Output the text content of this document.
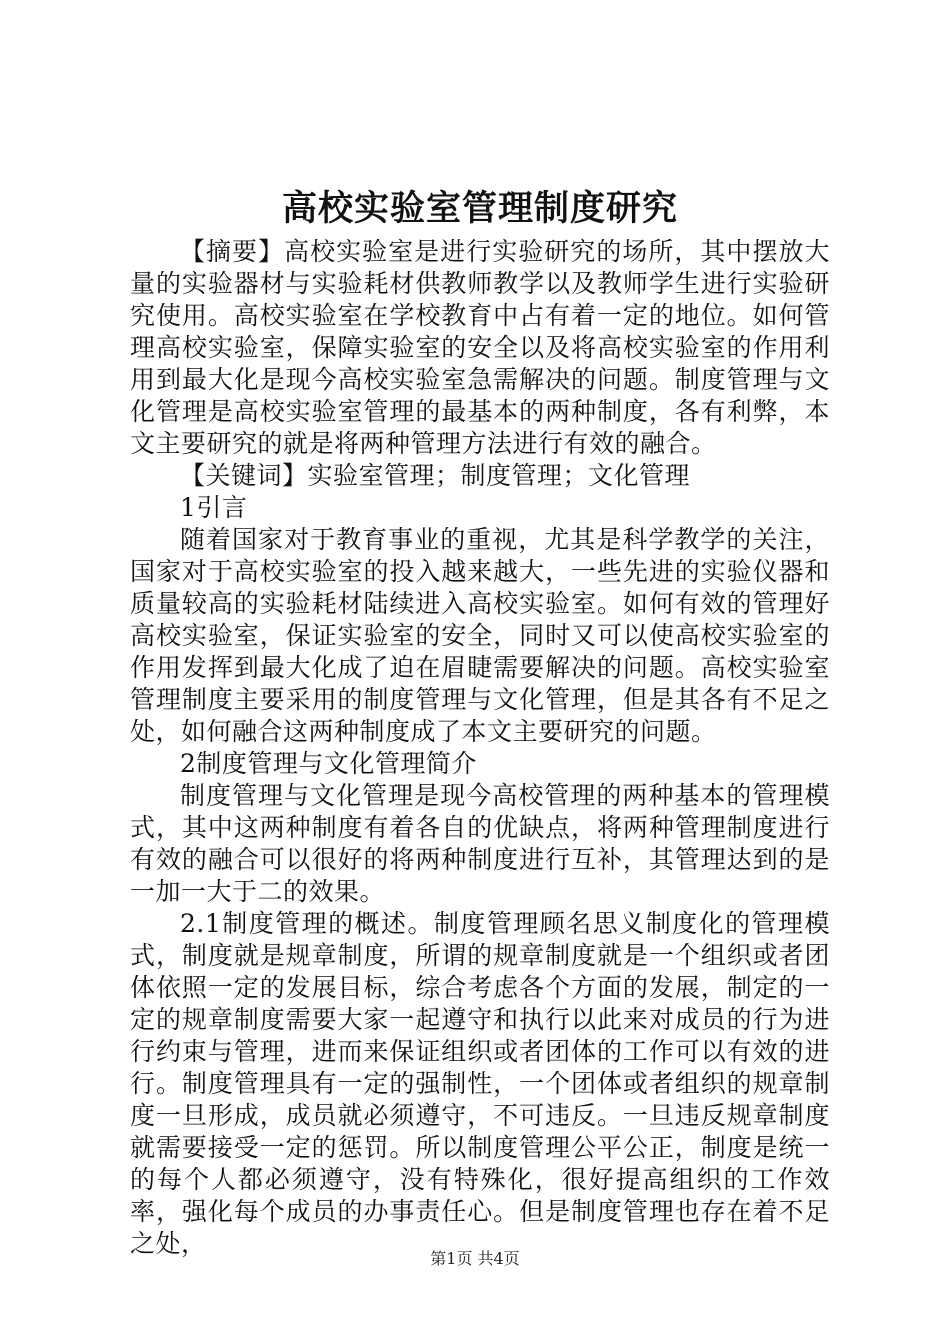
高校实验室管理制度研究

【摘要】高校实验室是进行实验研究的场所，其中摆放大量的实验器材与实验耗材供教师教学以及教师学生进行实验研究使用。高校实验室在学校教育中占有着一定的地位。如何管理高校实验室，保障实验室的安全以及将高校实验室的作用利用到最大化是现今高校实验室急需解决的问题。制度管理与文化管理是高校实验室管理的最基本的两种制度，各有利弊，本文主要研究的就是将两种管理方法进行有效的融合。

【关键词】实验室管理；制度管理；文化管理

1引言

随着国家对于教育事业的重视，尤其是科学教学的关注，国家对于高校实验室的投入越来越大，一些先进的实验仪器和质量较高的实验耗材陆续进入高校实验室。如何有效的管理好高校实验室，保证实验室的安全，同时又可以使高校实验室的作用发挥到最大化成了迫在眉睫需要解决的问题。高校实验室管理制度主要采用的制度管理与文化管理，但是其各有不足之处，如何融合这两种制度成了本文主要研究的问题。

2制度管理与文化管理简介

制度管理与文化管理是现今高校管理的两种基本的管理模式，其中这两种制度有着各自的优缺点，将两种管理制度进行有效的融合可以很好的将两种制度进行互补，其管理达到的是一加一大于二的效果。

2.1制度管理的概述。制度管理顾名思义制度化的管理模式，制度就是规章制度，所谓的规章制度就是一个组织或者团体依照一定的发展目标，综合考虑各个方面的发展，制定的一定的规章制度需要大家一起遵守和执行以此来对成员的行为进行约束与管理，进而来保证组织或者团体的工作可以有效的进行。制度管理具有一定的强制性，一个团体或者组织的规章制度一旦形成，成员就必须遵守，不可违反。一旦违反规章制度就需要接受一定的惩罚。所以制度管理公平公正，制度是统一的每个人都必须遵守，没有特殊化，很好提高组织的工作效率，强化每个成员的办事责任心。但是制度管理也存在着不足之处，

第1页 共4页
